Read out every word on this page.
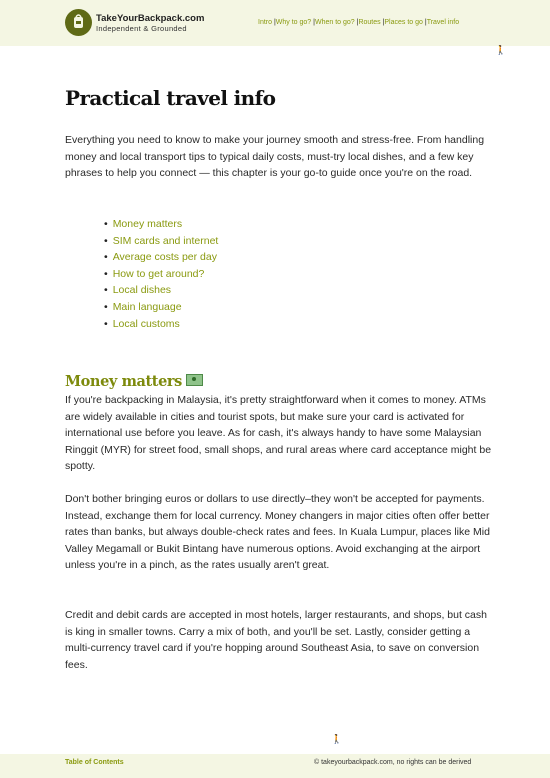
TakeYourBackpack.com
Independent & Grounded
Intro |Why to go? |When to go? |Routes |Places to go |Travel info
🚶
Practical travel info

Everything you need to know to make your journey smooth and stress-free. From handling money and local transport tips to typical daily costs, must-try local dishes, and a few key phrases to help you connect — this chapter is your go-to guide once you're on the road.

• Money matters
• SIM cards and internet
• Average costs per day
• How to get around?
• Local dishes
• Main language
• Local customs
Money matters

If you're backpacking in Malaysia, it's pretty straightforward when it comes to money. ATMs are widely available in cities and tourist spots, but make sure your card is activated for international use before you leave. As for cash, it's always handy to have some Malaysian Ringgit (MYR) for street food, small shops, and rural areas where card acceptance might be spotty.

Don't bother bringing euros or dollars to use directly–they won't be accepted for payments. Instead, exchange them for local currency. Money changers in major cities often offer better rates than banks, but always double-check rates and fees. In Kuala Lumpur, places like Mid Valley Megamall or Bukit Bintang have numerous options. Avoid exchanging at the airport unless you're in a pinch, as the rates usually aren't great.

Credit and debit cards are accepted in most hotels, larger restaurants, and shops, but cash is king in smaller towns. Carry a mix of both, and you'll be set. Lastly, consider getting a multi-currency travel card if you're hopping around Southeast Asia, to save on conversion fees.

🚶
Table of Contents	© takeyourbackpack.com, no rights can be derived
